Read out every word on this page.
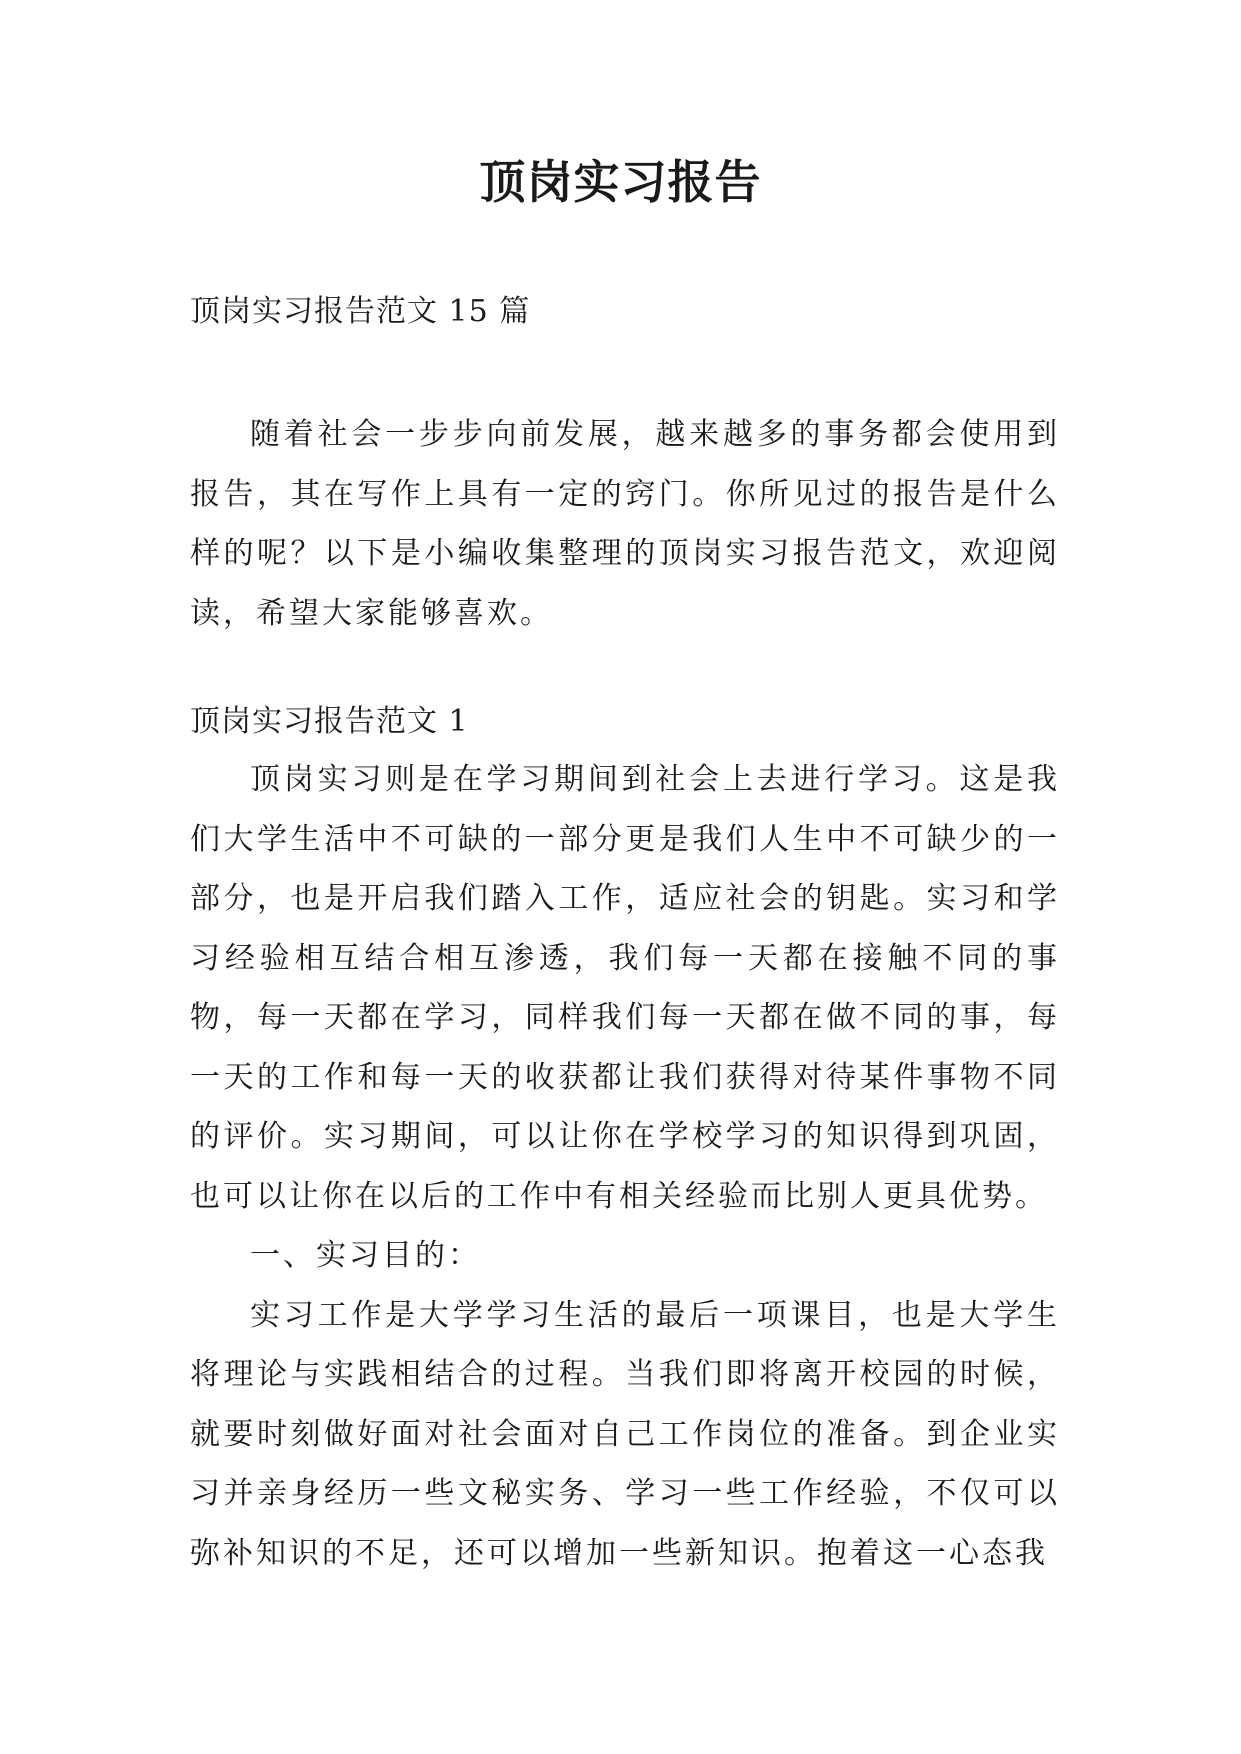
顶岗实习报告
顶岗实习报告范文 15 篇

随着社会一步步向前发展，越来越多的事务都会使用到报告，其在写作上具有一定的窍门。你所见过的报告是什么样的呢？以下是小编收集整理的顶岗实习报告范文，欢迎阅读，希望大家能够喜欢。

顶岗实习报告范文 1

顶岗实习则是在学习期间到社会上去进行学习。这是我们大学生活中不可缺的一部分更是我们人生中不可缺少的一部分，也是开启我们踏入工作，适应社会的钥匙。实习和学习经验相互结合相互渗透，我们每一天都在接触不同的事物，每一天都在学习，同样我们每一天都在做不同的事，每一天的工作和每一天的收获都让我们获得对待某件事物不同的评价。实习期间，可以让你在学校学习的知识得到巩固，也可以让你在以后的工作中有相关经验而比别人更具优势。

一、实习目的：

实习工作是大学学习生活的最后一项课目，也是大学生将理论与实践相结合的过程。当我们即将离开校园的时候，就要时刻做好面对社会面对自己工作岗位的准备。到企业实习并亲身经历一些文秘实务、学习一些工作经验，不仅可以弥补知识的不足，还可以增加一些新知识。抱着这一心态我
